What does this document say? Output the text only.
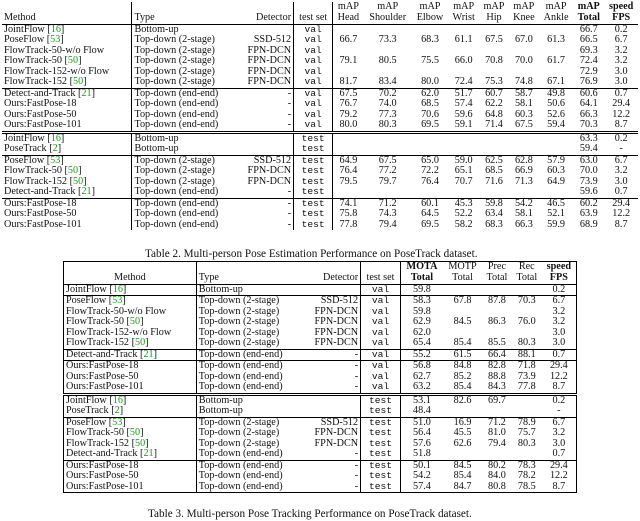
Method	Type	Detector	test set	mAP	mAP	mAP	mAP	mAP	mAP	mAP	mAP	speed
				Head	Shoulder	Elbow	Wrist	Hip	Knee	Ankle	Total	FPS
JointFlow [16]	Bottom-up		val								66.7	0.2
PoseFlow [53]	Top-down (2-stage)	SSD-512	val	66.7	73.3	68.3	61.1	67.5	67.0	61.3	66.5	6.7
FlowTrack-50-w/o Flow	Top-down (2-stage)	FPN-DCN	val								69.3	3.2
FlowTrack-50 [50]	Top-down (2-stage)	FPN-DCN	val	79.1	80.5	75.5	66.0	70.8	70.0	61.7	72.4	3.2
FlowTrack-152-w/o Flow	Top-down (2-stage)	FPN-DCN	val								72.9	3.0
FlowTrack-152 [50]	Top-down (2-stage)	FPN-DCN	val	81.7	83.4	80.0	72.4	75.3	74.8	67.1	76.9	3.0
Detect-and-Track [21]	Top-down (end-end)	-	val	67.5	70.2	62.0	51.7	60.7	58.7	49.8	60.6	0.7
Ours:FastPose-18	Top-down (end-end)	-	val	76.7	74.0	68.5	57.4	62.2	58.1	50.6	64.1	29.4
Ours:FastPose-50	Top-down (end-end)	-	val	79.2	77.3	70.6	59.6	64.8	60.3	52.6	66.3	12.2
Ours:FastPose-101	Top-down (end-end)	-	val	80.0	80.3	69.5	59.1	71.4	67.5	59.4	70.3	8.7
JointFlow [16]	Bottom-up		test								63.3	0.2
PoseTrack [2]	Bottom-up		test								59.4	-
PoseFlow [53]	Top-down (2-stage)	SSD-512	test	64.9	67.5	65.0	59.0	62.5	62.8	57.9	63.0	6.7
FlowTrack-50 [50]	Top-down (2-stage)	FPN-DCN	test	76.4	77.2	72.2	65.1	68.5	66.9	60.3	70.0	3.2
FlowTrack-152 [50]	Top-down (2-stage)	FPN-DCN	test	79.5	79.7	76.4	70.7	71.6	71.3	64.9	73.9	3.0
Detect-and-Track [21]	Top-down (end-end)	-	test								59.6	0.7
Ours:FastPose-18	Top-down (end-end)	-	test	74.1	71.2	60.1	45.3	59.8	54.2	46.5	60.2	29.4
Ours:FastPose-50	Top-down (end-end)	-	test	75.8	74.3	64.5	52.2	63.4	58.1	52.1	63.9	12.2
Ours:FastPose-101	Top-down (end-end)	-	test	77.8	79.4	69.5	58.2	68.3	66.3	59.9	68.9	8.7
Table 2. Multi-person Pose Estimation Performance on PoseTrack dataset.
Method	Type	Detector	test set	MOTA	MOTP	Prec	Rec	speed
				Total	Total	Total	Total	FPS
JointFlow [16]	Bottom-up		val	59.8				0.2
PoseFlow [53]	Top-down (2-stage)	SSD-512	val	58.3	67.8	87.8	70.3	6.7
FlowTrack-50-w/o Flow	Top-down (2-stage)	FPN-DCN	val	59.8				3.2
FlowTrack-50 [50]	Top-down (2-stage)	FPN-DCN	val	62.9	84.5	86.3	76.0	3.2
FlowTrack-152-w/o Flow	Top-down (2-stage)	FPN-DCN	val	62.0				3.0
FlowTrack-152 [50]	Top-down (2-stage)	FPN-DCN	val	65.4	85.4	85.5	80.3	3.0
Detect-and-Track [21]	Top-down (end-end)	-	val	55.2	61.5	66.4	88.1	0.7
Ours:FastPose-18	Top-down (end-end)	-	val	56.8	84.8	82.8	71.8	29.4
Ours:FastPose-50	Top-down (end-end)	-	val	62.7	85.2	88.8	73.9	12.2
Ours:FastPose-101	Top-down (end-end)	-	val	63.2	85.4	84.3	77.8	8.7
JointFlow [16]	Bottom-up		test	53.1	82.6	69.7		0.2
PoseTrack [2]	Bottom-up		test	48.4				-
PoseFlow [53]	Top-down (2-stage)	SSD-512	test	51.0	16.9	71.2	78.9	6.7
FlowTrack-50 [50]	Top-down (2-stage)	FPN-DCN	test	56.4	45.5	81.0	75.7	3.2
FlowTrack-152 [50]	Top-down (2-stage)	FPN-DCN	test	57.6	62.6	79.4	80.3	3.0
Detect-and-Track [21]	Top-down (end-end)	-	test	51.8				0.7
Ours:FastPose-18	Top-down (end-end)	-	test	50.1	84.5	80.2	78.3	29.4
Ours:FastPose-50	Top-down (end-end)	-	test	54.2	85.4	84.0	78.2	12.2
Ours:FastPose-101	Top-down (end-end)	-	test	57.4	84.7	80.8	78.5	8.7
Table 3. Multi-person Pose Tracking Performance on PoseTrack dataset.
